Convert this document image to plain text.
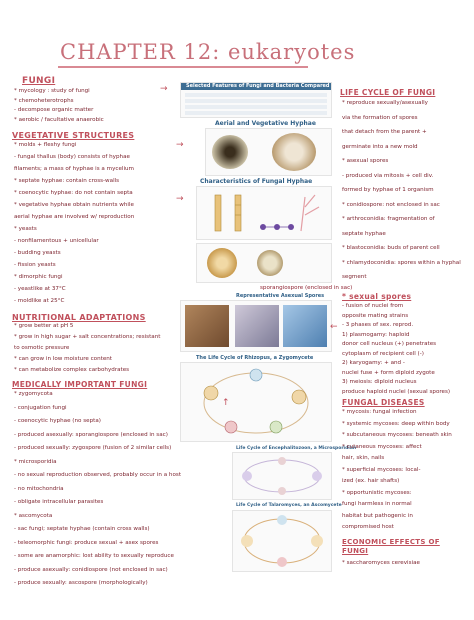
CHAPTER 12: eukaryotes
FUNGI
* mycology : study of fungi
* chemoheterotrophs
- decompose organic matter
* aerobic / facultative anaerobic
VEGETATIVE STRUCTURES
* molds + fleshy fungi
- fungal thallus (body) consists of hyphae
filaments; a mass of hyphae is a mycelium
* septate hyphae: contain cross-walls
* coenocytic hyphae: do not contain septa
* vegetative hyphae obtain nutrients while
aerial hyphae are involved w/ reproduction
* yeasts
- nonfilamentous + unicellular
- budding yeasts
- fission yeasts
* dimorphic fungi
- yeastlike at 37°C
- moldlike at 25°C
NUTRITIONAL ADAPTATIONS
* grow better at pH 5
* grow in high sugar + salt concentrations; resistant
to osmotic pressure
* can grow in low moisture content
* can metabolize complex carbohydrates
MEDICALLY IMPORTANT FUNGI
* zygomycota
- conjugation fungi
- coenocytic hyphae (no septa)
- produced asexually: sporangiospore (enclosed in sac)
- produced sexually: zygospore (fusion of 2 similar cells)
* microsporidia
- no sexual reproduction observed, probably occur in a host
- no mitochondria
- obligate intracellular parasites
* ascomycota
- sac fungi; septate hyphae (contain cross walls)
- teleomorphic fungi: produce sexual + asex spores
- some are anamorphic: lost ability to sexually reproduce
- produce asexually: conidiospore (not enclosed in sac)
- produce sexually: ascospore (morphologically)
Selected Features of Fungi and Bacteria Compared
Aerial and Vegetative Hyphae
Characteristics of Fungal Hyphae
sporangiospore (enclosed in sac)
Representative Asexual Spores
The Life Cycle of Rhizopus, a Zygomycete
Life Cycle of Encephalitozoon, a Microsporidian
Life Cycle of Talaromyces, an Ascomycete
LIFE CYCLE OF FUNGI
* reproduce sexually/asexually
via the formation of spores
that detach from the parent +
germinate into a new mold
* asexual spores
- produced via mitosis + cell div.
formed by hyphae of 1 organism
* conidiospore: not enclosed in sac
* arthroconidia: fragmentation of
septate hyphae
* blastoconidia: buds of parent cell
* chlamydoconidia: spores within a hyphal
segment
* sexual spores
- fusion of nuclei from
opposite mating strains
- 3 phases of sex. reprod.
1) plasmogamy: haploid
donor cell nucleus (+) penetrates
cytoplasm of recipient cell (-)
2) karyogamy: + and -
nuclei fuse + form diploid zygote
3) meiosis: diploid nucleus
produce haploid nuclei (sexual spores)
FUNGAL DISEASES
* mycosis: fungal infection
* systemic mycoses: deep within body
* subcutaneous mycoses: beneath skin
* cutaneous mycoses: affect
hair, skin, nails
* superficial mycoses: local-
ized (ex. hair shafts)
* opportunistic mycoses:
fungi harmless in normal
habitat but pathogenic in
compromised host
ECONOMIC EFFECTS OF FUNGI
* saccharomyces cerevisiae
→
→
→
↑
←
